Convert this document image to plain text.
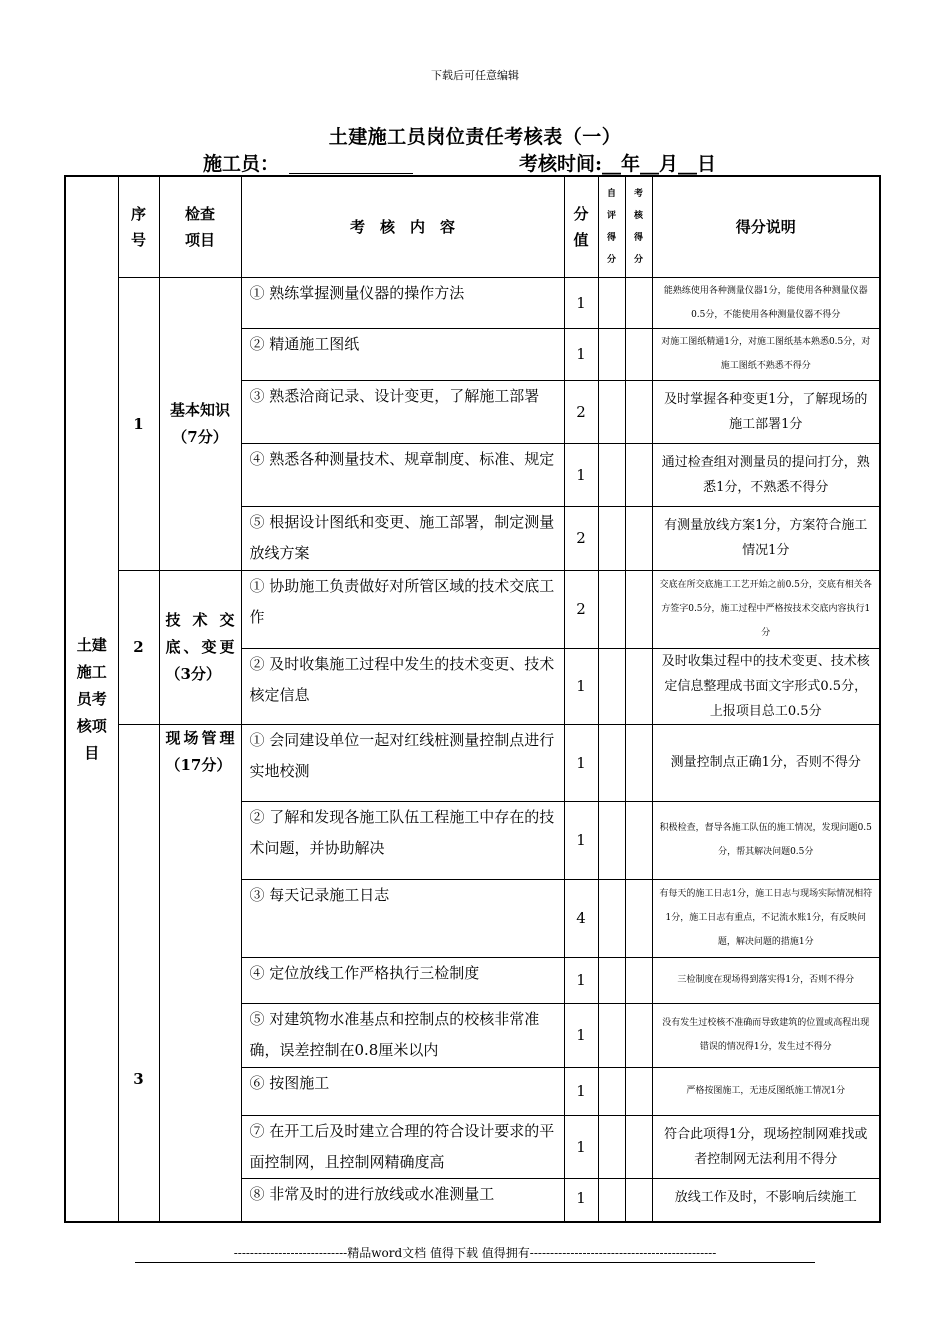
下载后可任意编辑
土建施工员岗位责任考核表（一）
施工员：	考核时间:__年__月__日
土建施工员考核项目	序号	检查项目	考　核　内　容	分值	自评得分	考核得分	得分说明
	1	基本知识（7分）	① 熟练掌握测量仪器的操作方法	1			能熟练使用各种测量仪器1分，能使用各种测量仪器0.5分，不能使用各种测量仪器不得分
			② 精通施工图纸	1			对施工图纸精通1分，对施工图纸基本熟悉0.5分，对施工图纸不熟悉不得分
			③ 熟悉洽商记录、设计变更，了解施工部署	2			及时掌握各种变更1分，了解现场的施工部署1分
			④ 熟悉各种测量技术、规章制度、标准、规定	1			通过检查组对测量员的提问打分，熟悉1分，不熟悉不得分
			⑤ 根据设计图纸和变更、施工部署，制定测量放线方案	2			有测量放线方案1分，方案符合施工情况1分
	2	技术交底、变更（3分）	① 协助施工负责做好对所管区域的技术交底工作	2			交底在所交底施工工艺开始之前0.5分，交底有相关各方签字0.5分，施工过程中严格按技术交底内容执行1分
			② 及时收集施工过程中发生的技术变更、技术核定信息	1			及时收集过程中的技术变更、技术核定信息整理成书面文字形式0.5分，上报项目总工0.5分
	3	现场管理（17分）	① 会同建设单位一起对红线桩测量控制点进行实地校测	1			测量控制点正确1分，否则不得分
			② 了解和发现各施工队伍工程施工中存在的技术问题，并协助解决	1			积极检查，督导各施工队伍的施工情况，发现问题0.5分，帮其解决问题0.5分
			③ 每天记录施工日志	4			有每天的施工日志1分，施工日志与现场实际情况相符1分，施工日志有重点，不记流水账1分，有反映问题，解决问题的措施1分
			④ 定位放线工作严格执行三检制度	1			三检制度在现场得到落实得1分，否则不得分
			⑤ 对建筑物水准基点和控制点的校核非常准确，误差控制在0.8厘米以内	1			没有发生过校核不准确而导致建筑的位置或高程出现错误的情况得1分，发生过不得分
			⑥ 按图施工	1			严格按图施工，无违反图纸施工情况1分
			⑦ 在开工后及时建立合理的符合设计要求的平面控制网，且控制网精确度高	1			符合此项得1分，现场控制网难找或者控制网无法利用不得分
			⑧ 非常及时的进行放线或水准测量工	1			放线工作及时，不影响后续施工
----------------------------精品word文档 值得下载 值得拥有----------------------------------------------
